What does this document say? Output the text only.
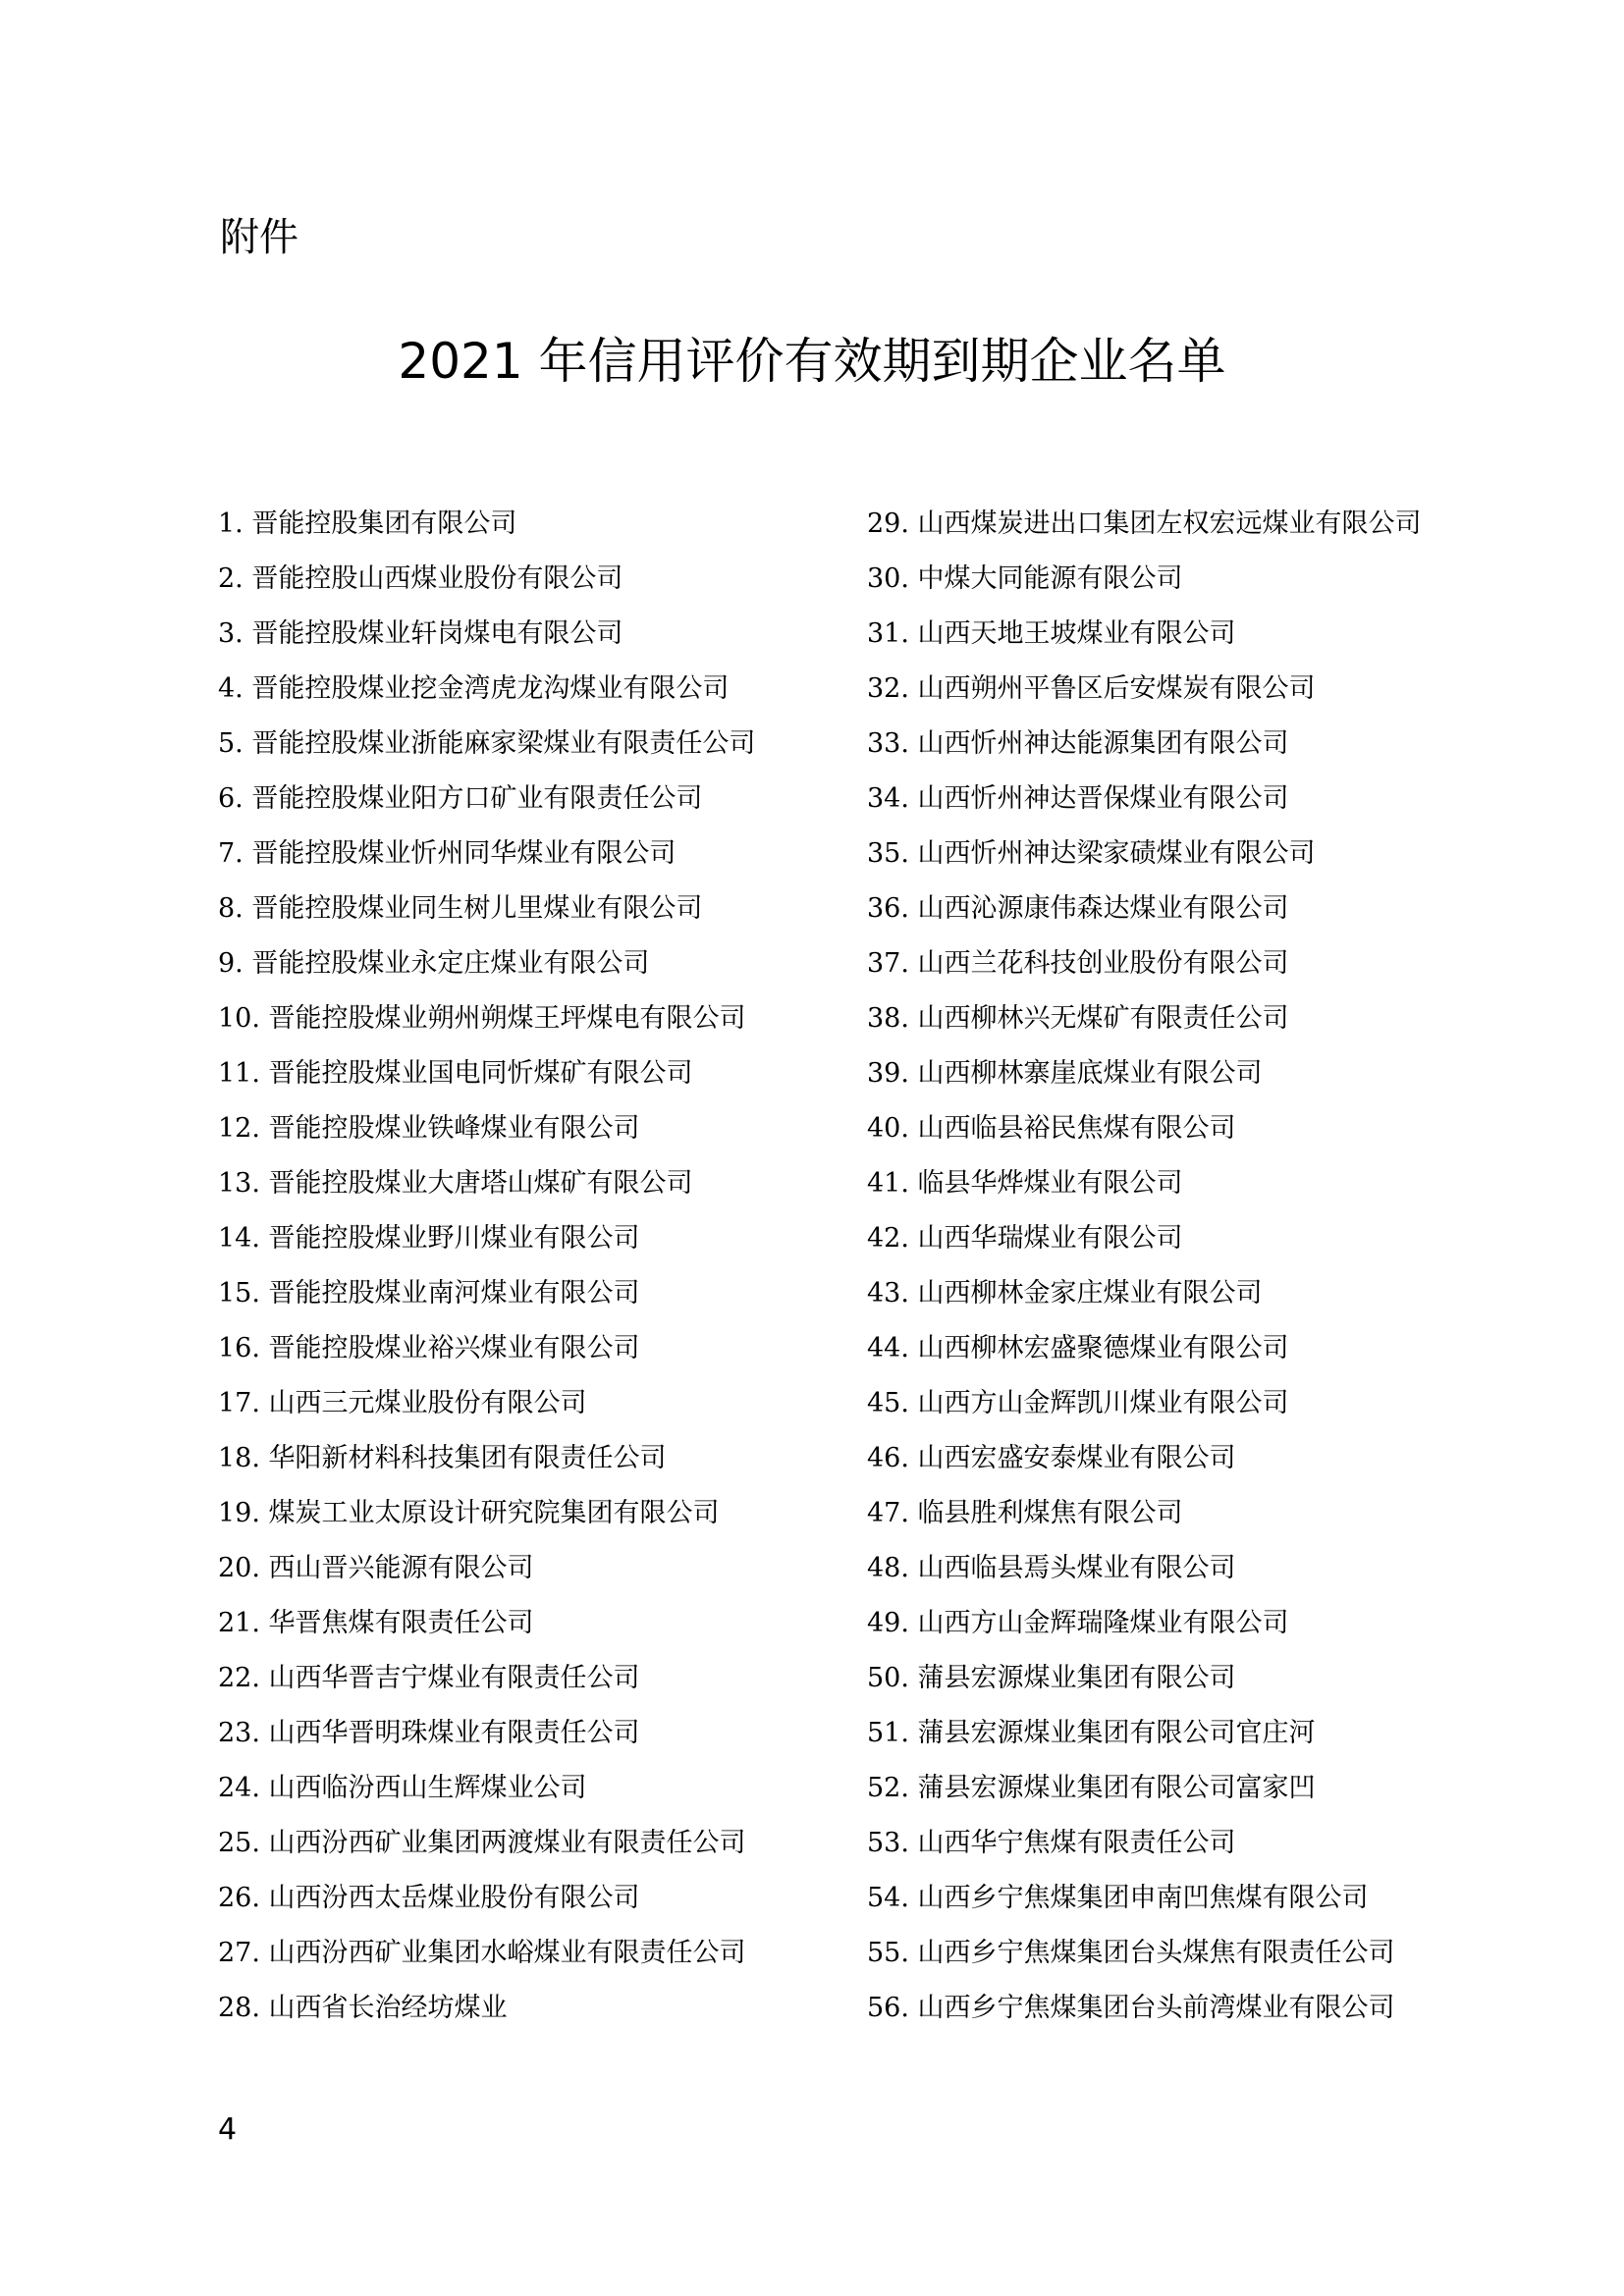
附件
2021 年信用评价有效期到期企业名单
1. 晋能控股集团有限公司
2. 晋能控股山西煤业股份有限公司
3. 晋能控股煤业轩岗煤电有限公司
4. 晋能控股煤业挖金湾虎龙沟煤业有限公司
5. 晋能控股煤业浙能麻家梁煤业有限责任公司
6. 晋能控股煤业阳方口矿业有限责任公司
7. 晋能控股煤业忻州同华煤业有限公司
8. 晋能控股煤业同生树儿里煤业有限公司
9. 晋能控股煤业永定庄煤业有限公司
10. 晋能控股煤业朔州朔煤王坪煤电有限公司
11. 晋能控股煤业国电同忻煤矿有限公司
12. 晋能控股煤业铁峰煤业有限公司
13. 晋能控股煤业大唐塔山煤矿有限公司
14. 晋能控股煤业野川煤业有限公司
15. 晋能控股煤业南河煤业有限公司
16. 晋能控股煤业裕兴煤业有限公司
17. 山西三元煤业股份有限公司
18. 华阳新材料科技集团有限责任公司
19. 煤炭工业太原设计研究院集团有限公司
20. 西山晋兴能源有限公司
21. 华晋焦煤有限责任公司
22. 山西华晋吉宁煤业有限责任公司
23. 山西华晋明珠煤业有限责任公司
24. 山西临汾西山生辉煤业公司
25. 山西汾西矿业集团两渡煤业有限责任公司
26. 山西汾西太岳煤业股份有限公司
27. 山西汾西矿业集团水峪煤业有限责任公司
28. 山西省长治经坊煤业
29. 山西煤炭进出口集团左权宏远煤业有限公司
30. 中煤大同能源有限公司
31. 山西天地王坡煤业有限公司
32. 山西朔州平鲁区后安煤炭有限公司
33. 山西忻州神达能源集团有限公司
34. 山西忻州神达晋保煤业有限公司
35. 山西忻州神达梁家碛煤业有限公司
36. 山西沁源康伟森达煤业有限公司
37. 山西兰花科技创业股份有限公司
38. 山西柳林兴无煤矿有限责任公司
39. 山西柳林寨崖底煤业有限公司
40. 山西临县裕民焦煤有限公司
41. 临县华烨煤业有限公司
42. 山西华瑞煤业有限公司
43. 山西柳林金家庄煤业有限公司
44. 山西柳林宏盛聚德煤业有限公司
45. 山西方山金辉凯川煤业有限公司
46. 山西宏盛安泰煤业有限公司
47. 临县胜利煤焦有限公司
48. 山西临县焉头煤业有限公司
49. 山西方山金辉瑞隆煤业有限公司
50. 蒲县宏源煤业集团有限公司
51. 蒲县宏源煤业集团有限公司官庄河
52. 蒲县宏源煤业集团有限公司富家凹
53. 山西华宁焦煤有限责任公司
54. 山西乡宁焦煤集团申南凹焦煤有限公司
55. 山西乡宁焦煤集团台头煤焦有限责任公司
56. 山西乡宁焦煤集团台头前湾煤业有限公司
4
